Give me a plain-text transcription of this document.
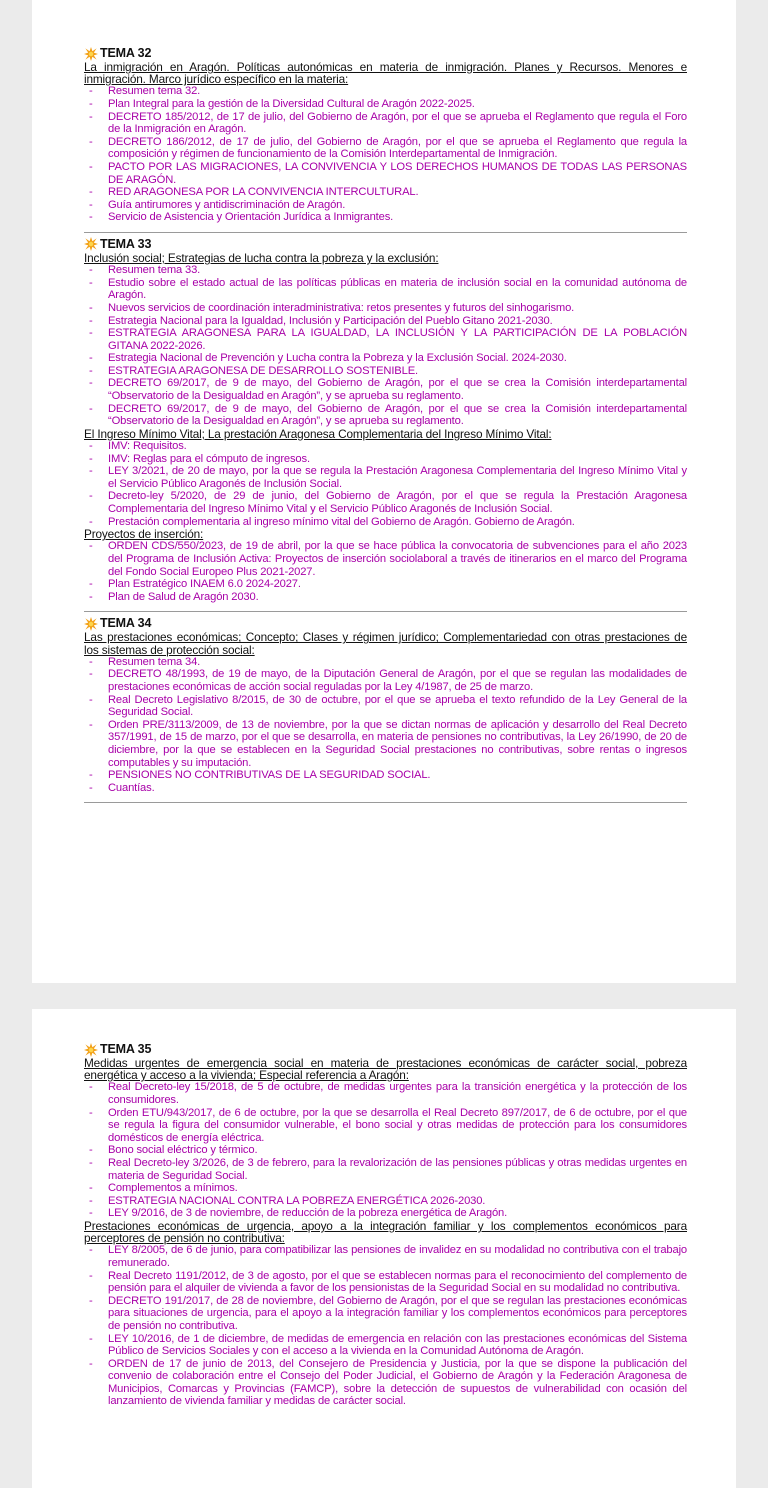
TEMA 32
La inmigración en Aragón. Políticas autonómicas en materia de inmigración. Planes y Recursos. Menores e inmigración. Marco jurídico específico en la materia:
- Resumen tema 32.
- Plan Integral para la gestión de la Diversidad Cultural de Aragón 2022-2025.
- DECRETO 185/2012, de 17 de julio, del Gobierno de Aragón, por el que se aprueba el Reglamento que regula el Foro de la Inmigración en Aragón.
- DECRETO 186/2012, de 17 de julio, del Gobierno de Aragón, por el que se aprueba el Reglamento que regula la composición y régimen de funcionamiento de la Comisión Interdepartamental de Inmigración.
- PACTO POR LAS MIGRACIONES, LA CONVIVENCIA Y LOS DERECHOS HUMANOS DE TODAS LAS PERSONAS DE ARAGÓN.
- RED ARAGONESA POR LA CONVIVENCIA INTERCULTURAL.
- Guía antirumores y antidiscriminación de Aragón.
- Servicio de Asistencia y Orientación Jurídica a Inmigrantes.
TEMA 33
Inclusión social; Estrategias de lucha contra la pobreza y la exclusión:
- Resumen tema 33.
- Estudio sobre el estado actual de las políticas públicas en materia de inclusión social en la comunidad autónoma de Aragón.
- Nuevos servicios de coordinación interadministrativa: retos presentes y futuros del sinhogarismo.
- Estrategia Nacional para la Igualdad, Inclusión y Participación del Pueblo Gitano 2021-2030.
- ESTRATEGIA ARAGONESA PARA LA IGUALDAD, LA INCLUSIÓN Y LA PARTICIPACIÓN DE LA POBLACIÓN GITANA 2022-2026.
- Estrategia Nacional de Prevención y Lucha contra la Pobreza y la Exclusión Social. 2024-2030.
- ESTRATEGIA ARAGONESA DE DESARROLLO SOSTENIBLE.
- DECRETO 69/2017, de 9 de mayo, del Gobierno de Aragón, por el que se crea la Comisión interdepartamental “Observatorio de la Desigualdad en Aragón”, y se aprueba su reglamento.
- DECRETO 69/2017, de 9 de mayo, del Gobierno de Aragón, por el que se crea la Comisión interdepartamental “Observatorio de la Desigualdad en Aragón”, y se aprueba su reglamento.
El Ingreso Mínimo Vital; La prestación Aragonesa Complementaria del Ingreso Mínimo Vital:
- IMV: Requisitos.
- IMV: Reglas para el cómputo de ingresos.
- LEY 3/2021, de 20 de mayo, por la que se regula la Prestación Aragonesa Complementaria del Ingreso Mínimo Vital y el Servicio Público Aragonés de Inclusión Social.
- Decreto-ley 5/2020, de 29 de junio, del Gobierno de Aragón, por el que se regula la Prestación Aragonesa Complementaria del Ingreso Mínimo Vital y el Servicio Público Aragonés de Inclusión Social.
- Prestación complementaria al ingreso mínimo vital del Gobierno de Aragón. Gobierno de Aragón.
Proyectos de inserción:
- ORDEN CDS/550/2023, de 19 de abril, por la que se hace pública la convocatoria de subvenciones para el año 2023 del Programa de Inclusión Activa: Proyectos de inserción sociolaboral a través de itinerarios en el marco del Programa del Fondo Social Europeo Plus 2021-2027.
- Plan Estratégico INAEM 6.0 2024-2027.
- Plan de Salud de Aragón 2030.
TEMA 34
Las prestaciones económicas; Concepto; Clases y régimen jurídico; Complementariedad con otras prestaciones de los sistemas de protección social:
- Resumen tema 34.
- DECRETO 48/1993, de 19 de mayo, de la Diputación General de Aragón, por el que se regulan las modalidades de prestaciones económicas de acción social reguladas por la Ley 4/1987, de 25 de marzo.
- Real Decreto Legislativo 8/2015, de 30 de octubre, por el que se aprueba el texto refundido de la Ley General de la Seguridad Social.
- Orden PRE/3113/2009, de 13 de noviembre, por la que se dictan normas de aplicación y desarrollo del Real Decreto 357/1991, de 15 de marzo, por el que se desarrolla, en materia de pensiones no contributivas, la Ley 26/1990, de 20 de diciembre, por la que se establecen en la Seguridad Social prestaciones no contributivas, sobre rentas o ingresos computables y su imputación.
- PENSIONES NO CONTRIBUTIVAS DE LA SEGURIDAD SOCIAL.
- Cuantías.
TEMA 35
Medidas urgentes de emergencia social en materia de prestaciones económicas de carácter social, pobreza energética y acceso a la vivienda; Especial referencia a Aragón:
- Real Decreto-ley 15/2018, de 5 de octubre, de medidas urgentes para la transición energética y la protección de los consumidores.
- Orden ETU/943/2017, de 6 de octubre, por la que se desarrolla el Real Decreto 897/2017, de 6 de octubre, por el que se regula la figura del consumidor vulnerable, el bono social y otras medidas de protección para los consumidores domésticos de energía eléctrica.
- Bono social eléctrico y térmico.
- Real Decreto-ley 3/2026, de 3 de febrero, para la revalorización de las pensiones públicas y otras medidas urgentes en materia de Seguridad Social.
- Complementos a mínimos.
- ESTRATEGIA NACIONAL CONTRA LA POBREZA ENERGÉTICA 2026-2030.
- LEY 9/2016, de 3 de noviembre, de reducción de la pobreza energética de Aragón.
Prestaciones económicas de urgencia, apoyo a la integración familiar y los complementos económicos para perceptores de pensión no contributiva:
- LEY 8/2005, de 6 de junio, para compatibilizar las pensiones de invalidez en su modalidad no contributiva con el trabajo remunerado.
- Real Decreto 1191/2012, de 3 de agosto, por el que se establecen normas para el reconocimiento del complemento de pensión para el alquiler de vivienda a favor de los pensionistas de la Seguridad Social en su modalidad no contributiva.
- DECRETO 191/2017, de 28 de noviembre, del Gobierno de Aragón, por el que se regulan las prestaciones económicas para situaciones de urgencia, para el apoyo a la integración familiar y los complementos económicos para perceptores de pensión no contributiva.
- LEY 10/2016, de 1 de diciembre, de medidas de emergencia en relación con las prestaciones económicas del Sistema Público de Servicios Sociales y con el acceso a la vivienda en la Comunidad Autónoma de Aragón.
- ORDEN de 17 de junio de 2013, del Consejero de Presidencia y Justicia, por la que se dispone la publicación del convenio de colaboración entre el Consejo del Poder Judicial, el Gobierno de Aragón y la Federación Aragonesa de Municipios, Comarcas y Provincias (FAMCP), sobre la detección de supuestos de vulnerabilidad con ocasión del lanzamiento de vivienda familiar y medidas de carácter social.
